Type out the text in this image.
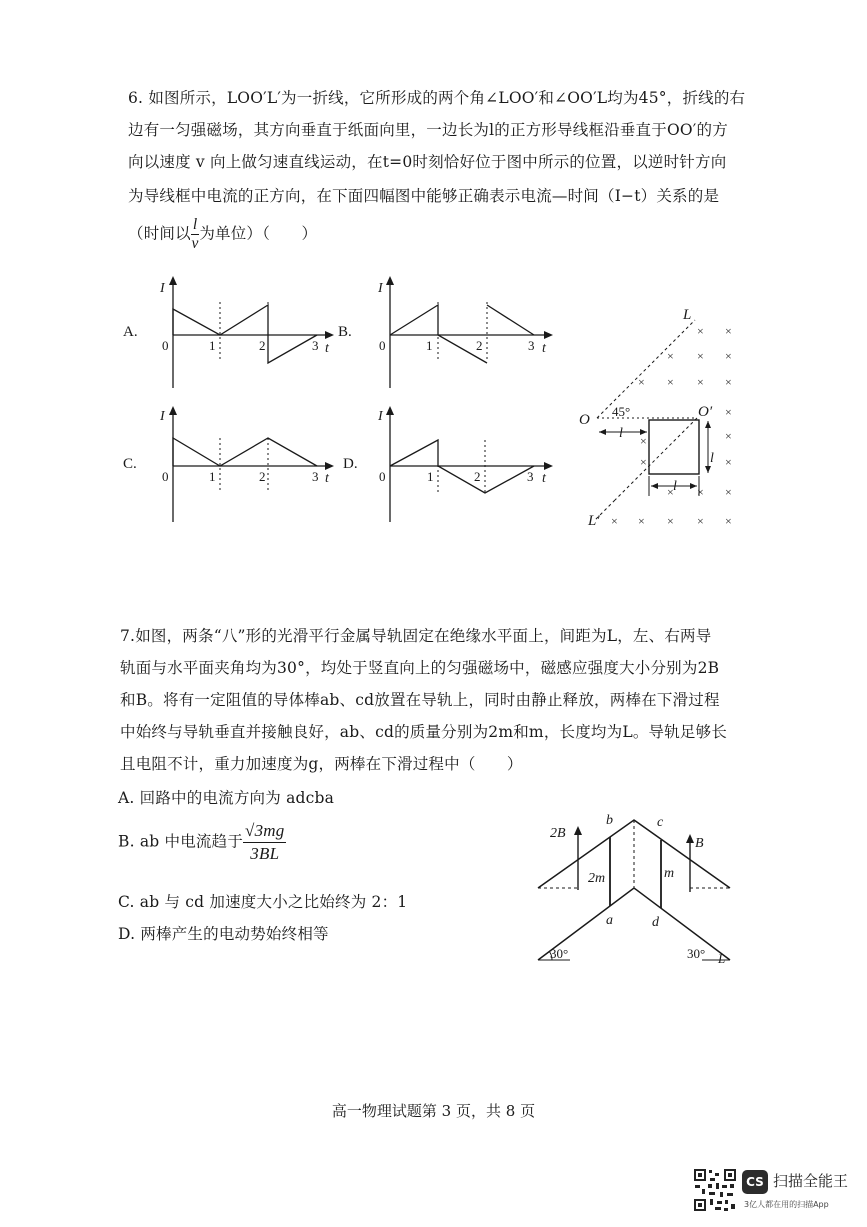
6. 如图所示，LOO′L′为一折线，它所形成的两个角∠LOO′和∠OO′L均为45°，折线的右
边有一匀强磁场，其方向垂直于纸面向里，一边长为l的正方形导线框沿垂直于OO′的方
向以速度 v 向上做匀速直线运动，在t=0时刻恰好位于图中所示的位置，以逆时针方向
为导线框中电流的正方向，在下面四幅图中能够正确表示电流—时间（I−t）关系的是
（时间以 $\frac{l}{v}$ 为单位）（　　）
A.
I
t
0	1	2	3
B.
I
t
0	1	2	3
C.
I
t
0	1	2	3
D.
I
t
0	1	2	3
L
L′
O	O′
45°
l
l
l
× ×
× × ×
× × × ×
×
×
×
×
×
× × ×
× × × ×
×
7.如图，两条“八”形的光滑平行金属导轨固定在绝缘水平面上，间距为L，左、右两导
轨面与水平面夹角均为30°，均处于竖直向上的匀强磁场中，磁感应强度大小分别为2B
和B。将有一定阻值的导体棒ab、cd放置在导轨上，同时由静止释放，两棒在下滑过程
中始终与导轨垂直并接触良好，ab、cd的质量分别为2m和m，长度均为L。导轨足够长
且电阻不计，重力加速度为g，两棒在下滑过程中（　　）
A. 回路中的电流方向为 adcba
B. ab 中电流趋于 $\frac{√3mg}{3BL}$
C. ab 与 cd 加速度大小之比始终为 2：1
D. 两棒产生的电动势始终相等
2B
B
b	c
a	d
2m	m
30°	30° L
高一物理试题第 3 页，共 8 页
CS 扫描全能王
3亿人都在用的扫描App
